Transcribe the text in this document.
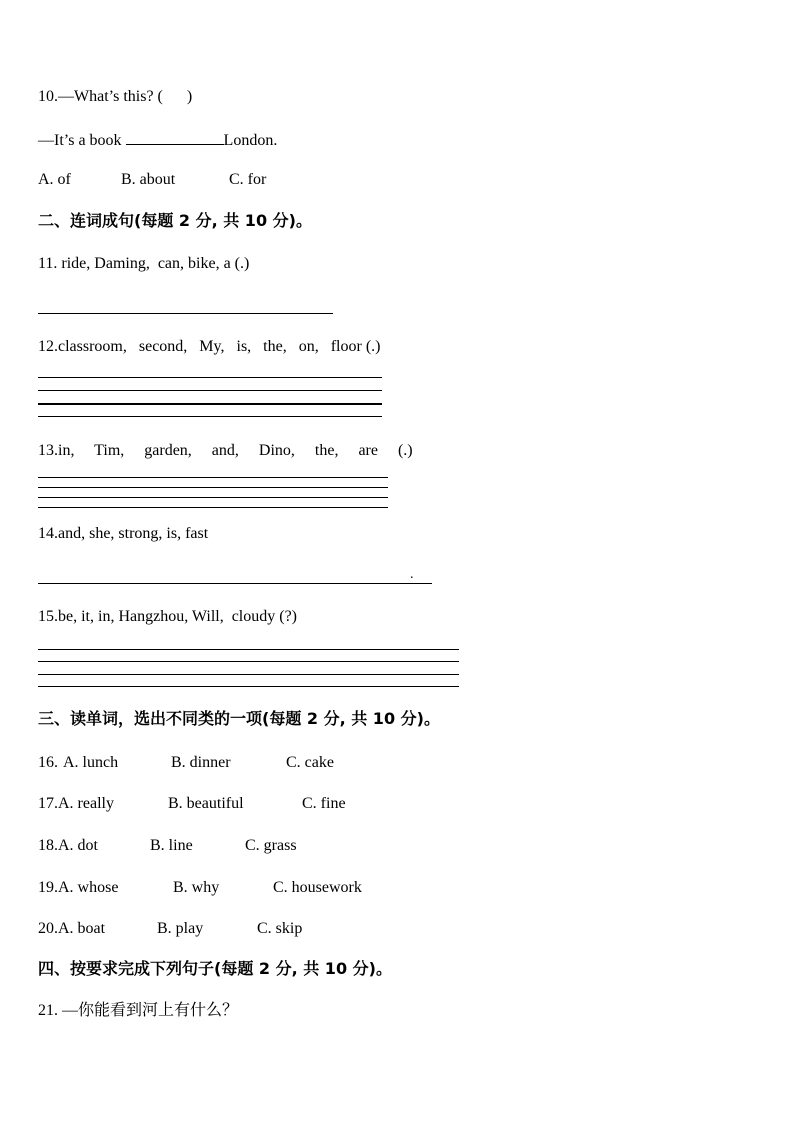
10.—What’s this? (      )
—It’s a book	London.
A. of	B. about	C. for
二、连词成句(每题 2 分, 共 10 分)。
11. ride, Daming,  can, bike, a (.)
12.classroom,   second,   My,   is,   the,   on,   floor (.)
13.in,     Tim,     garden,     and,     Dino,     the,     are     (.)
14.and, she, strong, is, fast
.
15.be, it, in, Hangzhou, Will,  cloudy (?)
三、读单词，选出不同类的一项(每题 2 分, 共 10 分)。
16. A. lunch	B. dinner	C. cake
17.A. really	B. beautiful	C. fine
18.A. dot	B. line	C. grass
19.A. whose	B. why	C. housework
20.A. boat	B. play	C. skip
四、按要求完成下列句子(每题 2 分, 共 10 分)。
21. —你能看到河上有什么？
